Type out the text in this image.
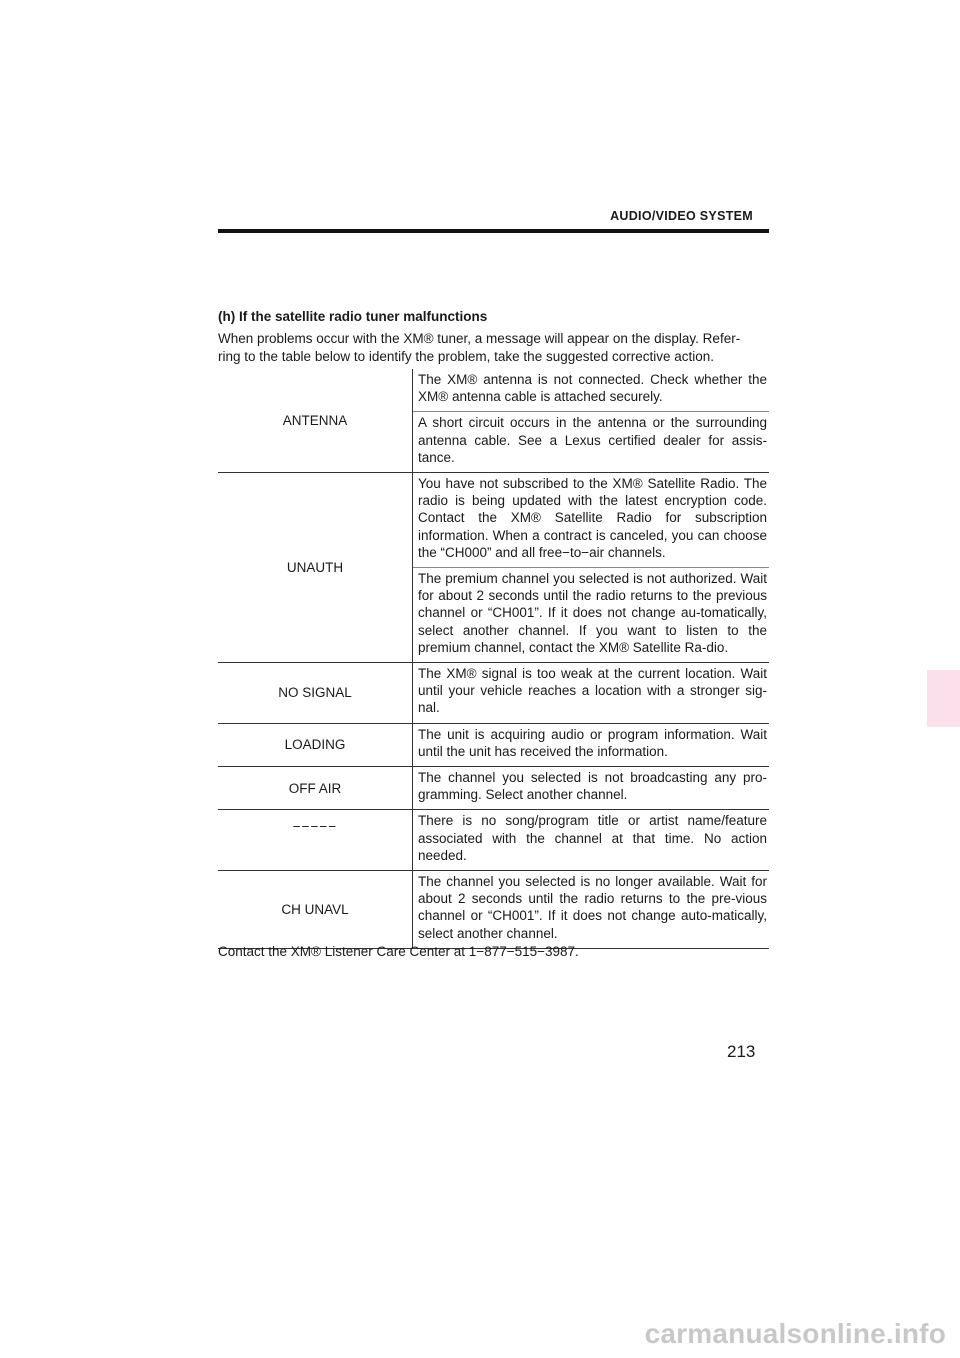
AUDIO/VIDEO SYSTEM
(h) If the satellite radio tuner malfunctions
When problems occur with the XM® tuner, a message will appear on the display. Refer-
ring to the table below to identify the problem, take the suggested corrective action.
ANTENNA	The XM® antenna is not connected. Check whether the XM® antenna cable is attached securely.
	A short circuit occurs in the antenna or the surrounding antenna cable. See a Lexus certified dealer for assis-tance.
UNAUTH	You have not subscribed to the XM® Satellite Radio. The radio is being updated with the latest encryption code. Contact the XM® Satellite Radio for subscription information. When a contract is canceled, you can choose the “CH000” and all free−to−air channels.
	The premium channel you selected is not authorized. Wait for about 2 seconds until the radio returns to the previous channel or “CH001”. If it does not change au-tomatically, select another channel. If you want to listen to the premium channel, contact the XM® Satellite Ra-dio.
NO SIGNAL	The XM® signal is too weak at the current location. Wait until your vehicle reaches a location with a stronger sig-nal.
LOADING	The unit is acquiring audio or program information. Wait until the unit has received the information.
OFF AIR	The channel you selected is not broadcasting any pro-gramming. Select another channel.
−−−−−	There is no song/program title or artist name/feature associated with the channel at that time. No action needed.
CH UNAVL	The channel you selected is no longer available. Wait for about 2 seconds until the radio returns to the pre-vious channel or “CH001”. If it does not change auto-matically, select another channel.
Contact the XM® Listener Care Center at 1−877−515−3987.
213
carmanualsonline.info
